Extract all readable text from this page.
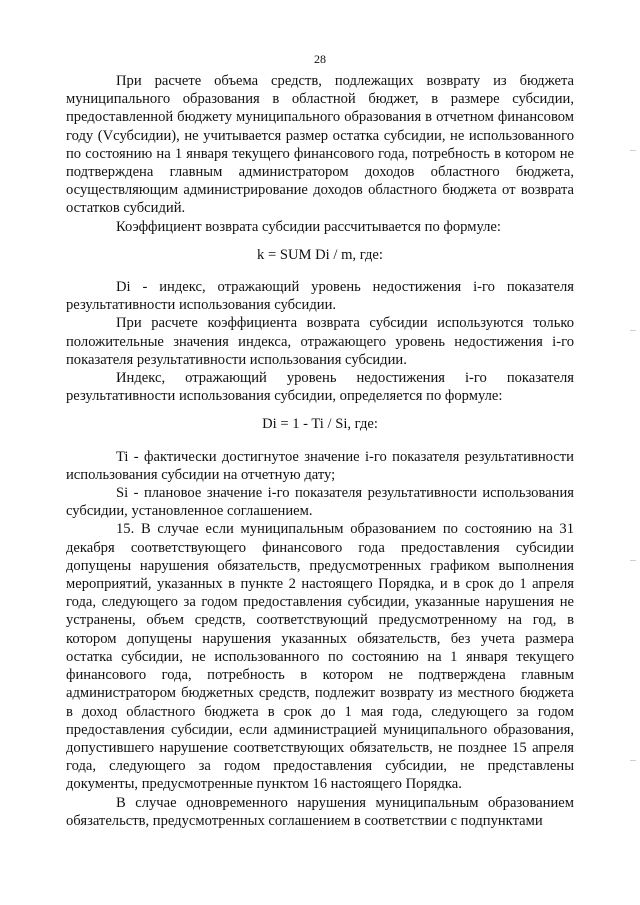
28

При расчете объема средств, подлежащих возврату из бюджета муниципального образования в областной бюджет, в размере субсидии, предоставленной бюджету муниципального образования в отчетном финансовом году (Vсубсидии), не учитывается размер остатка субсидии, не использованного по состоянию на 1 января текущего финансового года, потребность в котором не подтверждена главным администратором доходов областного бюджета, осуществляющим администрирование доходов областного бюджета от возврата остатков субсидий.

Коэффициент возврата субсидии рассчитывается по формуле:

k = SUM Di / m, где:

Di - индекс, отражающий уровень недостижения i-го показателя результативности использования субсидии.

При расчете коэффициента возврата субсидии используются только положительные значения индекса, отражающего уровень недостижения i-го показателя результативности использования субсидии.

Индекс, отражающий уровень недостижения i-го показателя результативности использования субсидии, определяется по формуле:

Di = 1 - Ti / Si, где:

Ti - фактически достигнутое значение i-го показателя результативности использования субсидии на отчетную дату;

Si - плановое значение i-го показателя результативности использования субсидии, установленное соглашением.

15. В случае если муниципальным образованием по состоянию на 31 декабря соответствующего финансового года предоставления субсидии допущены нарушения обязательств, предусмотренных графиком выполнения мероприятий, указанных в пункте 2 настоящего Порядка, и в срок до 1 апреля года, следующего за годом предоставления субсидии, указанные нарушения не устранены, объем средств, соответствующий предусмотренному на год, в котором допущены нарушения указанных обязательств, без учета размера остатка субсидии, не использованного по состоянию на 1 января текущего финансового года, потребность в котором не подтверждена главным администратором бюджетных средств, подлежит возврату из местного бюджета в доход областного бюджета в срок до 1 мая года, следующего за годом предоставления субсидии, если администрацией муниципального образования, допустившего нарушение соответствующих обязательств, не позднее 15 апреля года, следующего за годом предоставления субсидии, не представлены документы, предусмотренные пунктом 16 настоящего Порядка.

В случае одновременного нарушения муниципальным образованием обязательств, предусмотренных соглашением в соответствии с подпунктами
